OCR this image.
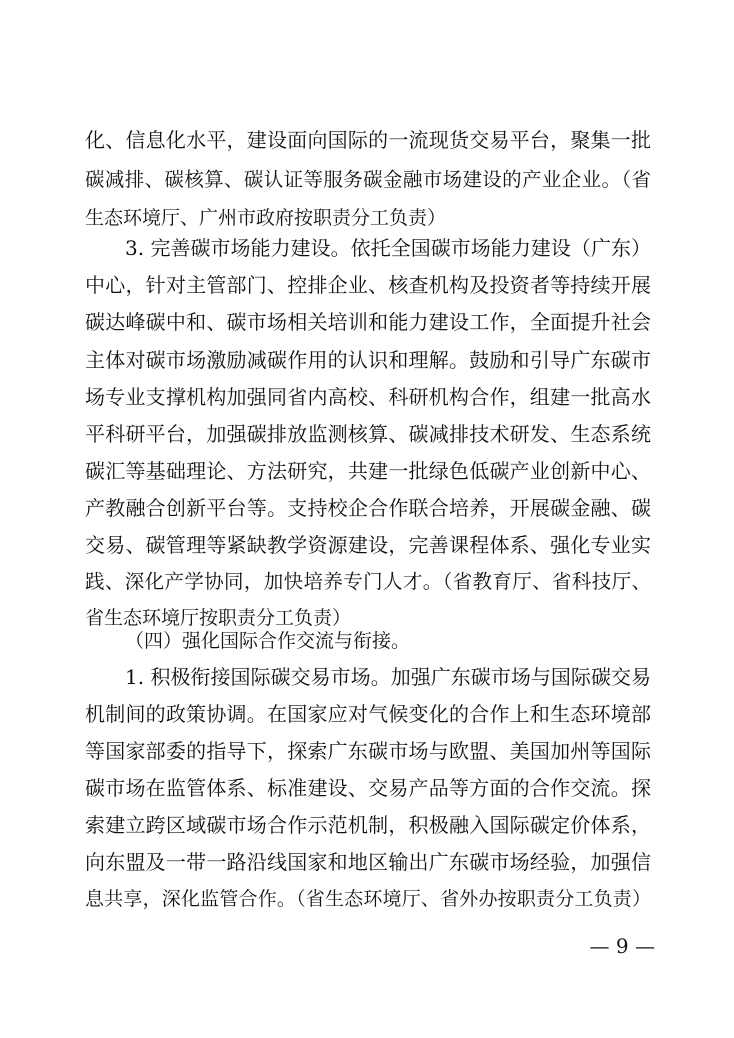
化、信息化水平，建设面向国际的一流现货交易平台，聚集一批
碳减排、碳核算、碳认证等服务碳金融市场建设的产业企业。（省
生态环境厅、广州市政府按职责分工负责）
3. 完善碳市场能力建设。依托全国碳市场能力建设（广东）
中心，针对主管部门、控排企业、核查机构及投资者等持续开展
碳达峰碳中和、碳市场相关培训和能力建设工作，全面提升社会
主体对碳市场激励减碳作用的认识和理解。鼓励和引导广东碳市
场专业支撑机构加强同省内高校、科研机构合作，组建一批高水
平科研平台，加强碳排放监测核算、碳减排技术研发、生态系统
碳汇等基础理论、方法研究，共建一批绿色低碳产业创新中心、
产教融合创新平台等。支持校企合作联合培养，开展碳金融、碳
交易、碳管理等紧缺教学资源建设，完善课程体系、强化专业实
践、深化产学协同，加快培养专门人才。（省教育厅、省科技厅、
省生态环境厅按职责分工负责）
（四）强化国际合作交流与衔接。
1. 积极衔接国际碳交易市场。加强广东碳市场与国际碳交易
机制间的政策协调。在国家应对气候变化的合作上和生态环境部
等国家部委的指导下，探索广东碳市场与欧盟、美国加州等国际
碳市场在监管体系、标准建设、交易产品等方面的合作交流。探
索建立跨区域碳市场合作示范机制，积极融入国际碳定价体系，
向东盟及一带一路沿线国家和地区输出广东碳市场经验，加强信
息共享，深化监管合作。（省生态环境厅、省外办按职责分工负责）
— 9 —
